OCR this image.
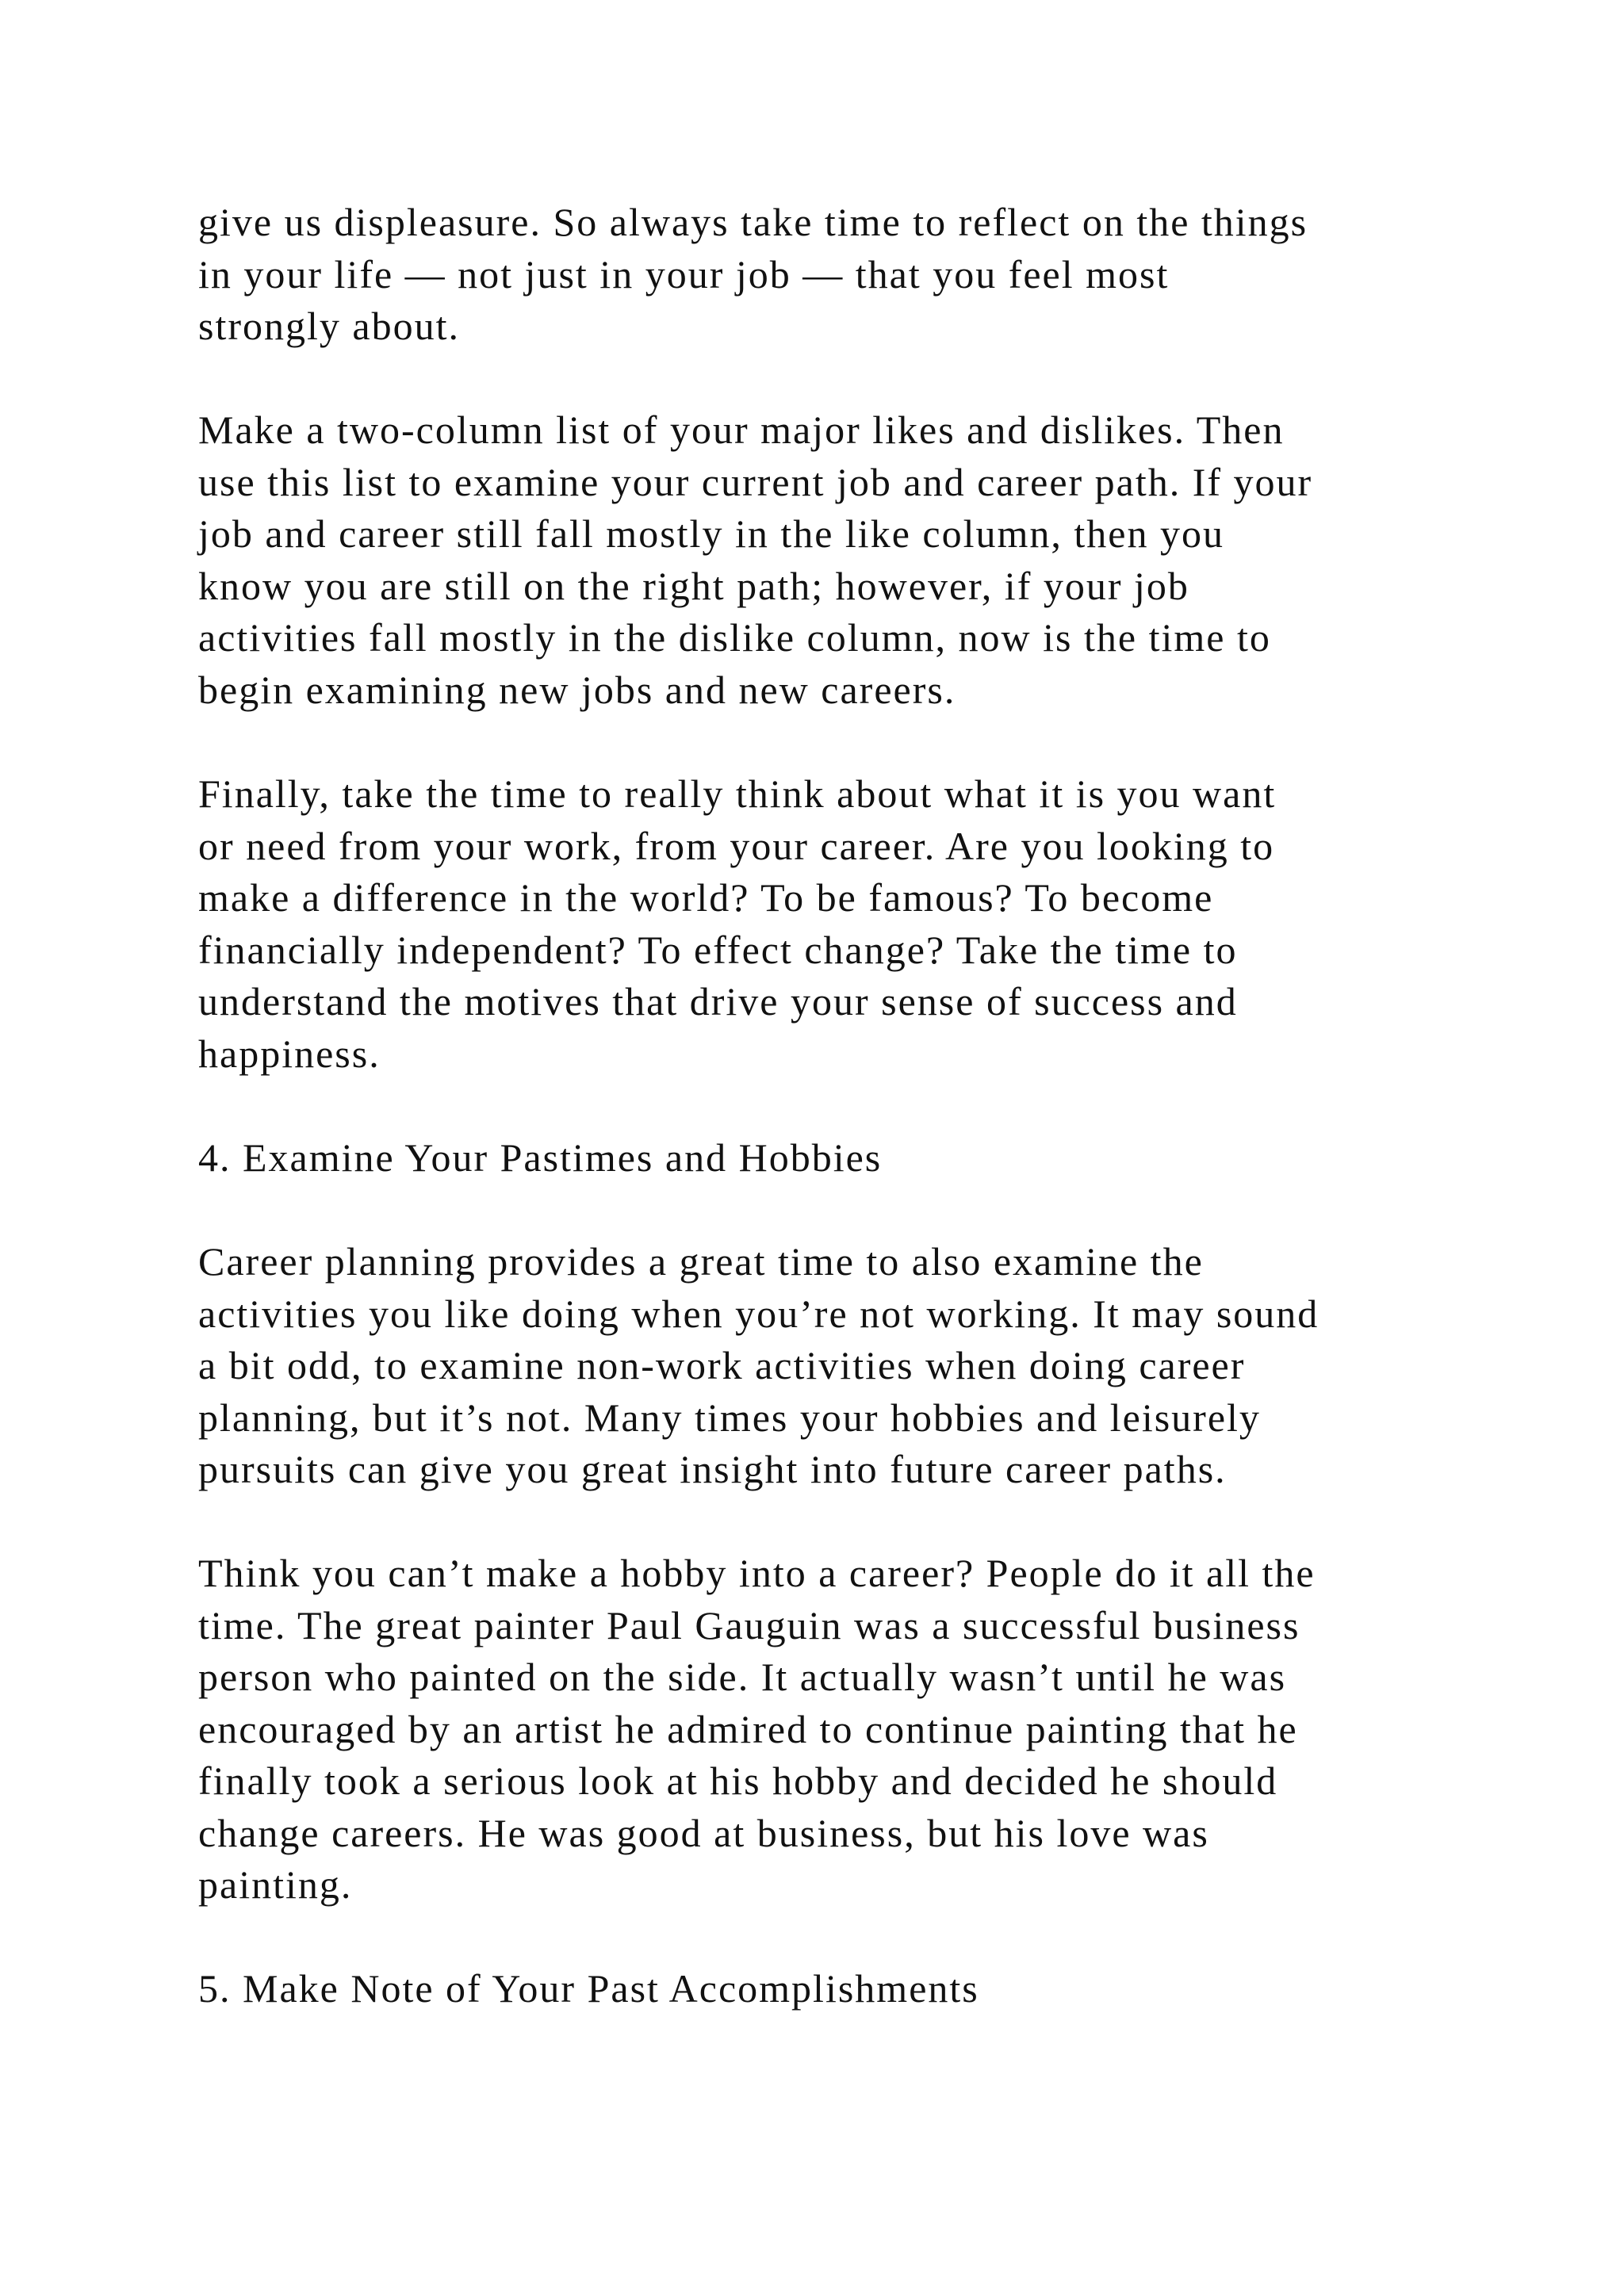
give us displeasure. So always take time to reflect on the things
in your life — not just in your job — that you feel most
strongly about.
Make a two-column list of your major likes and dislikes. Then
use this list to examine your current job and career path. If your
job and career still fall mostly in the like column, then you
know you are still on the right path; however, if your job
activities fall mostly in the dislike column, now is the time to
begin examining new jobs and new careers.
Finally, take the time to really think about what it is you want
or need from your work, from your career. Are you looking to
make a difference in the world? To be famous? To become
financially independent? To effect change? Take the time to
understand the motives that drive your sense of success and
happiness.
4. Examine Your Pastimes and Hobbies
Career planning provides a great time to also examine the
activities you like doing when you’re not working. It may sound
a bit odd, to examine non-work activities when doing career
planning, but it’s not. Many times your hobbies and leisurely
pursuits can give you great insight into future career paths.
Think you can’t make a hobby into a career? People do it all the
time. The great painter Paul Gauguin was a successful business
person who painted on the side. It actually wasn’t until he was
encouraged by an artist he admired to continue painting that he
finally took a serious look at his hobby and decided he should
change careers. He was good at business, but his love was
painting.
5. Make Note of Your Past Accomplishments
